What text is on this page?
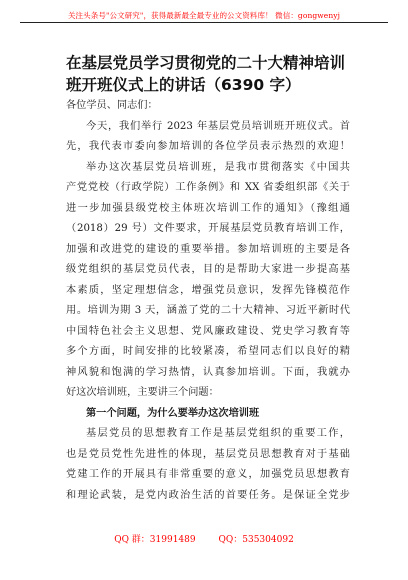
关注头条号"公文研究"，获得最新最全最专业的公文资料库！ 微信：gongwenyj
在基层党员学习贯彻党的二十大精神培训
班开班仪式上的讲话（6390 字）
各位学员、同志们：
今天，我们举行 2023 年基层党员培训班开班仪式。首
先，我代表市委向参加培训的各位学员表示热烈的欢迎！
举办这次基层党员培训班，是我市贯彻落实《中国共
产党党校（行政学院）工作条例》和 XX 省委组织部《关于
进一步加强县级党校主体班次培训工作的通知》（豫组通
（2018）29 号）文件要求，开展基层党员教育培训工作，
加强和改进党的建设的重要举措。参加培训班的主要是各
级党组织的基层党员代表，目的是帮助大家进一步提高基
本素质，坚定理想信念，增强党员意识，发挥先锋模范作
用。培训为期 3 天，涵盖了党的二十大精神、习近平新时代
中国特色社会主义思想、党风廉政建设、党史学习教育等
多个方面，时间安排的比较紧凑，希望同志们以良好的精
神风貌和饱满的学习热情，认真参加培训。下面，我就办
好这次培训班，主要讲三个问题：
第一个问题，为什么要举办这次培训班
基层党员的思想教育工作是基层党组织的重要工作，
也是党员党性先进性的体现，基层党员思想教育对于基础
党建工作的开展具有非常重要的意义，加强党员思想教育
和理论武装，是党内政治生活的首要任务。是保证全党步
QQ 群：31991489	QQ：535304092
